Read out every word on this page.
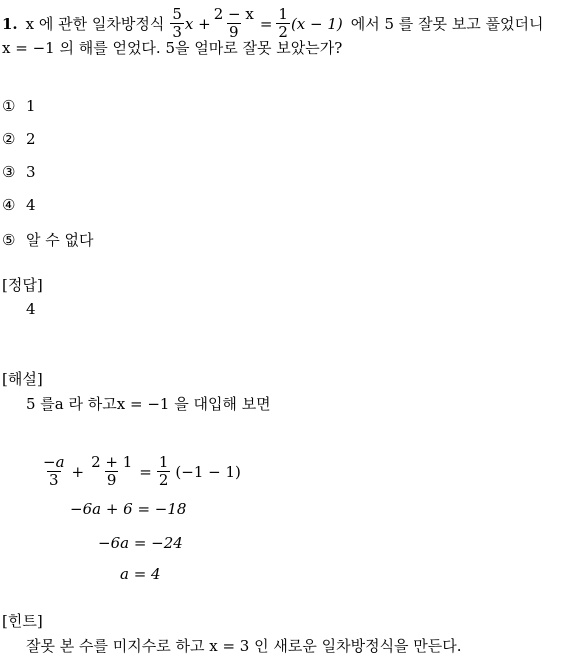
1. x 에 관한 일차방정식 $\frac{5}{3}$ $x + \frac{2 - x}{9} = \frac{1}{2} (x - 1)$ 에서 5 를 잘못 보고 풀었더니
x = −1 의 해를 얻었다. 5을 얼마로 잘못 보았는가?
① 1
② 2
③ 3
④ 4
⑤ 알 수 없다
[정답]
4
[해설]
5 를a 라 하고x = −1 을 대입해 보면
$\frac{-a}{3} + \frac{2 + 1}{9} = \frac{1}{2} (-1 - 1)$
−6a + 6 = −18
−6a = −24
a = 4
[힌트]
잘못 본 수를 미지수로 하고 x = 3 인 새로운 일차방정식을 만든다.
